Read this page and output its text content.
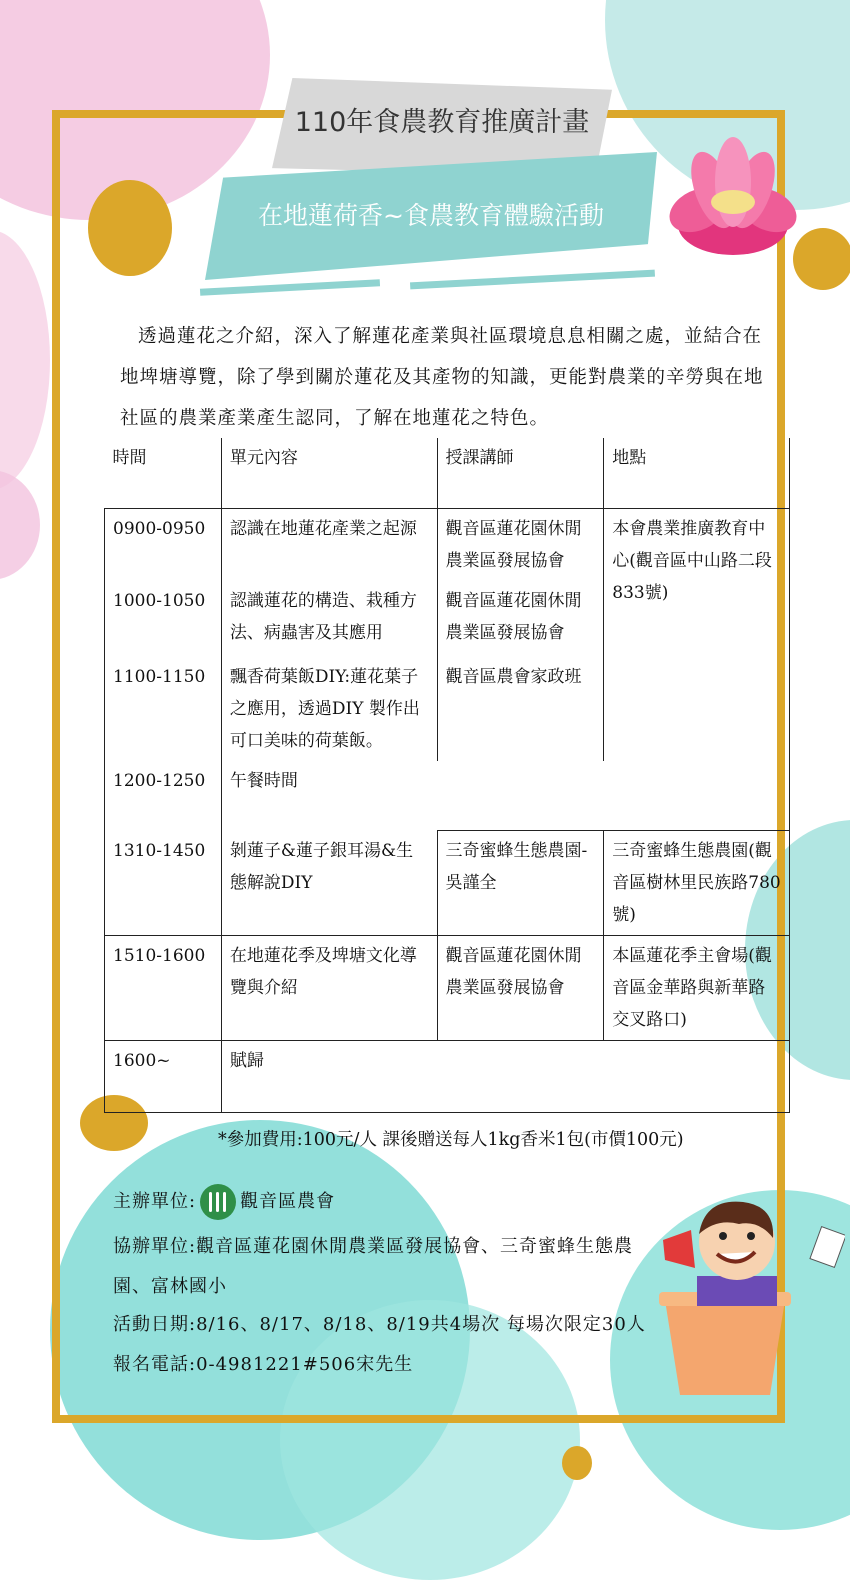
110年食農教育推廣計畫
在地蓮荷香~食農教育體驗活動
透過蓮花之介紹，深入了解蓮花產業與社區環境息息相關之處，並結合在地埤塘導覽，除了學到關於蓮花及其產物的知識，更能對農業的辛勞與在地社區的農業產業產生認同，了解在地蓮花之特色。
時間	單元內容	授課講師	地點
0900-0950	認識在地蓮花產業之起源	觀音區蓮花園休閒農業區發展協會	本會農業推廣教育中心(觀音區中山路二段833號)
1000-1050	認識蓮花的構造、栽種方法、病蟲害及其應用	觀音區蓮花園休閒農業區發展協會	
1100-1150	飄香荷葉飯DIY:蓮花葉子之應用，透過DIY 製作出可口美味的荷葉飯。	觀音區農會家政班	
1200-1250	午餐時間		
1310-1450	剝蓮子&蓮子銀耳湯&生態解說DIY	三奇蜜蜂生態農園-吳謹全	三奇蜜蜂生態農園(觀音區樹林里民族路780號)
1510-1600	在地蓮花季及埤塘文化導覽與介紹	觀音區蓮花園休閒農業區發展協會	本區蓮花季主會場(觀音區金華路與新華路交叉路口)
1600~	賦歸		
*參加費用:100元/人 課後贈送每人1kg香米1包(市價100元)
主辦單位: 觀音區農會
協辦單位:觀音區蓮花園休閒農業區發展協會、三奇蜜蜂生態農
園、富林國小
活動日期:8/16、8/17、8/18、8/19共4場次 每場次限定30人
報名電話:0-4981221#506宋先生
